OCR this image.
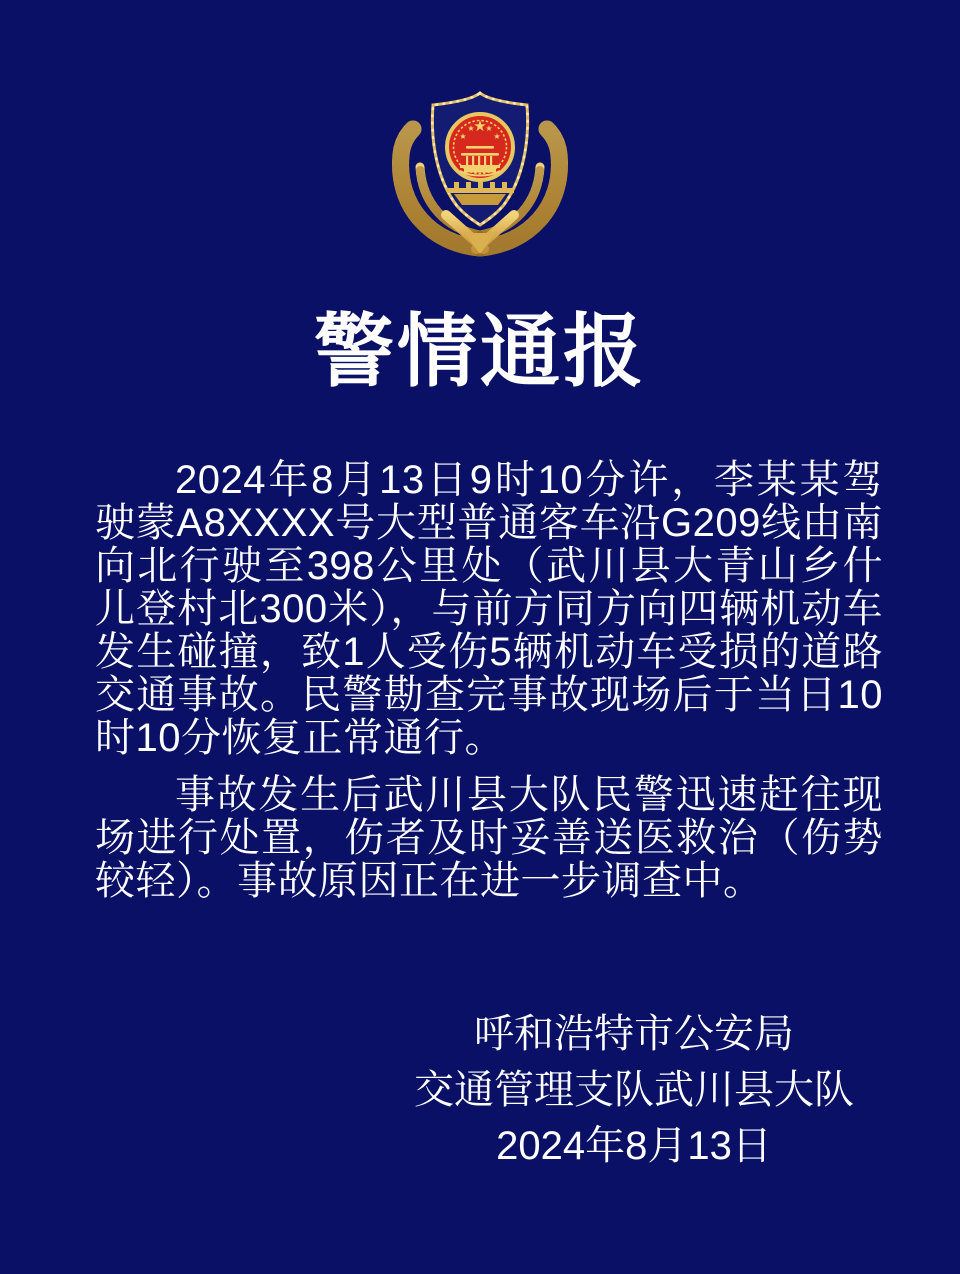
★
★
★ ★
★
警情通报

2024年8月13日9时10分许，李某某驾驶蒙A8XXXX号大型普通客车沿G209线由南向北行驶至398公里处（武川县大青山乡什儿登村北300米），与前方同方向四辆机动车发生碰撞，致1人受伤5辆机动车受损的道路交通事故。民警勘查完事故现场后于当日10时10分恢复正常通行。

事故发生后武川县大队民警迅速赶往现场进行处置，伤者及时妥善送医救治（伤势较轻）。事故原因正在进一步调查中。

呼和浩特市公安局
交通管理支队武川县大队
2024年8月13日
